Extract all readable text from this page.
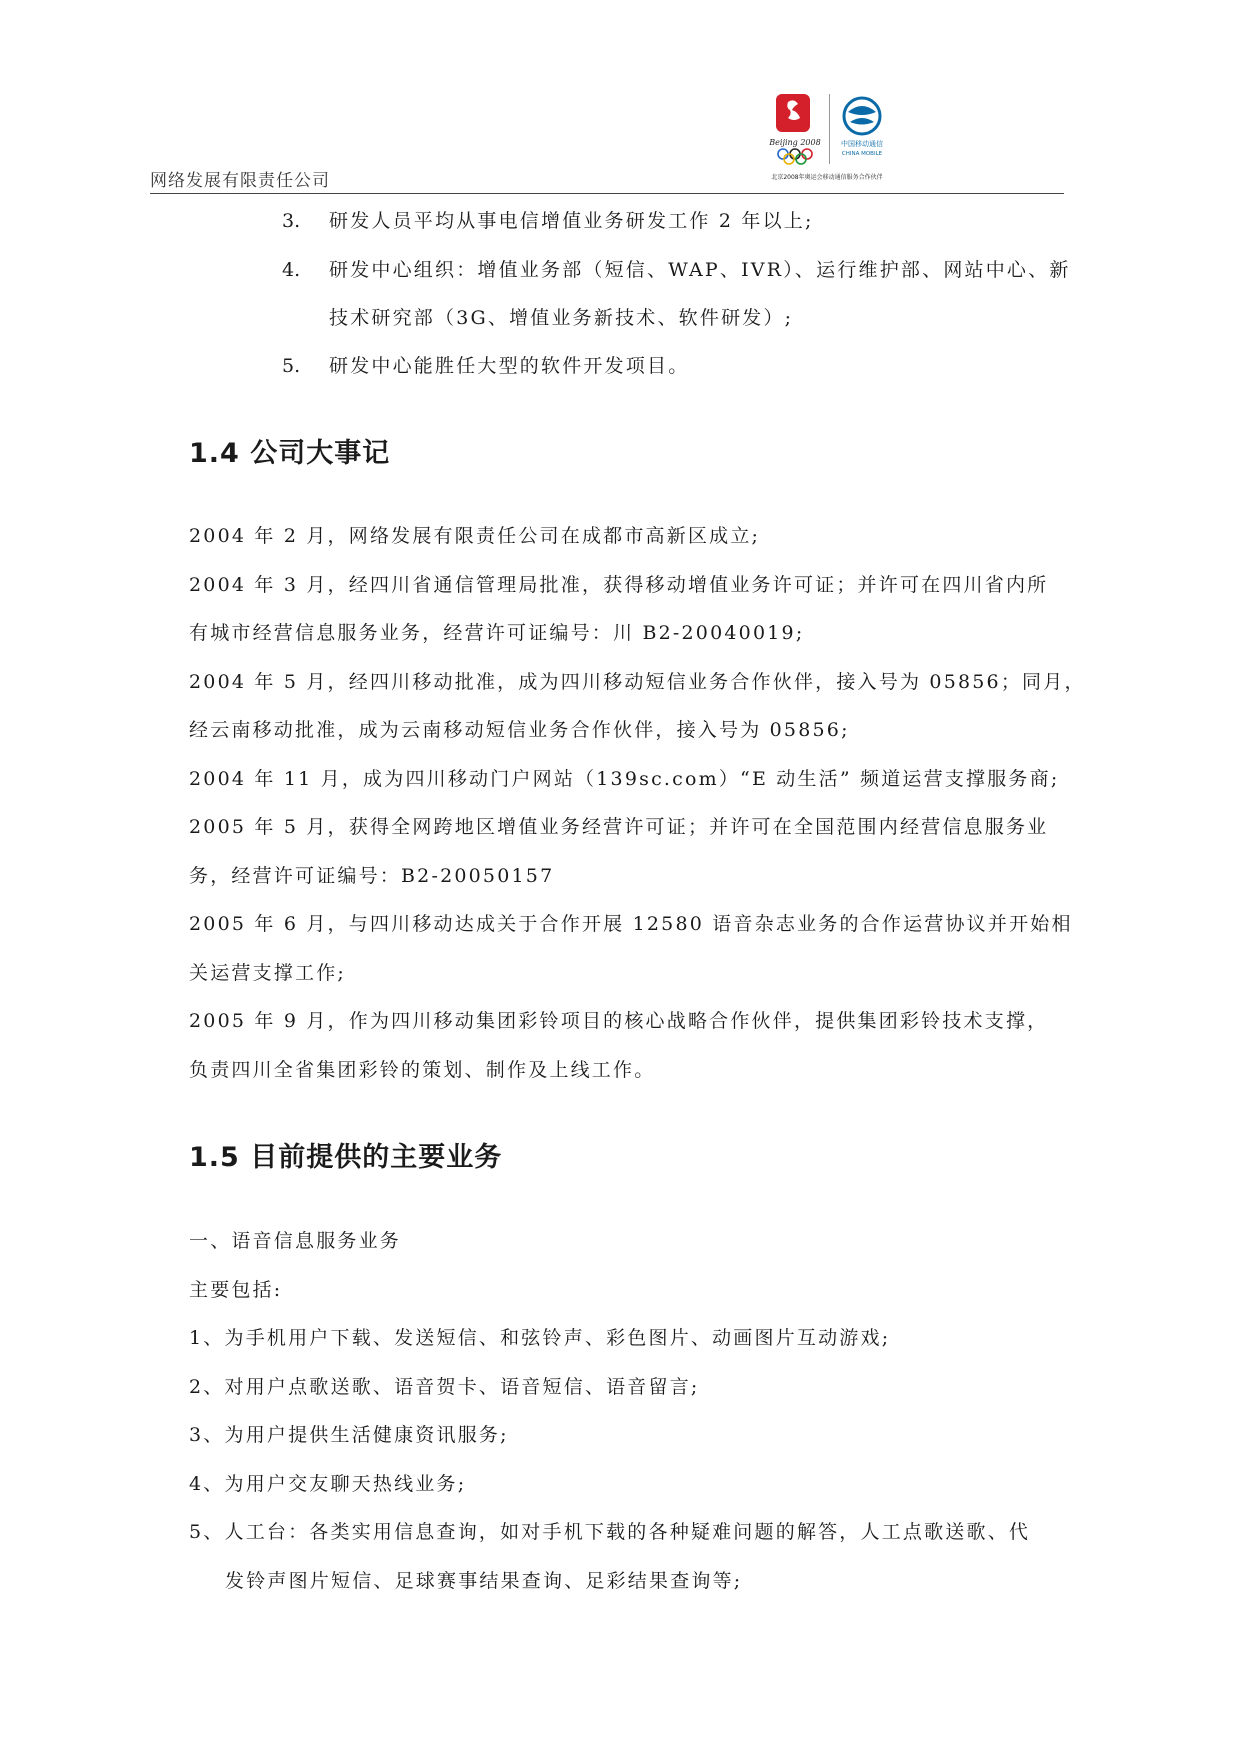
网络发展有限责任公司
Beijing 2008	中国移动通信
CHINA MOBILE
北京2008年奥运会移动通信服务合作伙伴
3. 研发人员平均从事电信增值业务研发工作 2 年以上;
4. 研发中心组织：增值业务部（短信、WAP、IVR）、运行维护部、网站中心、新
技术研究部（3G、增值业务新技术、软件研发）;
5. 研发中心能胜任大型的软件开发项目。
1.4 公司大事记
2004 年 2 月，网络发展有限责任公司在成都市高新区成立;
2004 年 3 月，经四川省通信管理局批准，获得移动增值业务许可证；并许可在四川省内所
有城市经营信息服务业务，经营许可证编号：川 B2-20040019;
2004 年 5 月，经四川移动批准，成为四川移动短信业务合作伙伴，接入号为 05856；同月，
经云南移动批准，成为云南移动短信业务合作伙伴，接入号为 05856;
2004 年 11 月，成为四川移动门户网站（139sc.com）“E 动生活” 频道运营支撑服务商;
2005 年 5 月，获得全网跨地区增值业务经营许可证；并许可在全国范围内经营信息服务业
务，经营许可证编号：B2-20050157
2005 年 6 月，与四川移动达成关于合作开展 12580 语音杂志业务的合作运营协议并开始相
关运营支撑工作;
2005 年 9 月，作为四川移动集团彩铃项目的核心战略合作伙伴，提供集团彩铃技术支撑，
负责四川全省集团彩铃的策划、制作及上线工作。
1.5 目前提供的主要业务
一、语音信息服务业务
主要包括:
1、为手机用户下载、发送短信、和弦铃声、彩色图片、动画图片互动游戏;
2、对用户点歌送歌、语音贺卡、语音短信、语音留言;
3、为用户提供生活健康资讯服务;
4、为用户交友聊天热线业务;
5、人工台：各类实用信息查询，如对手机下载的各种疑难问题的解答，人工点歌送歌、代
发铃声图片短信、足球赛事结果查询、足彩结果查询等;
